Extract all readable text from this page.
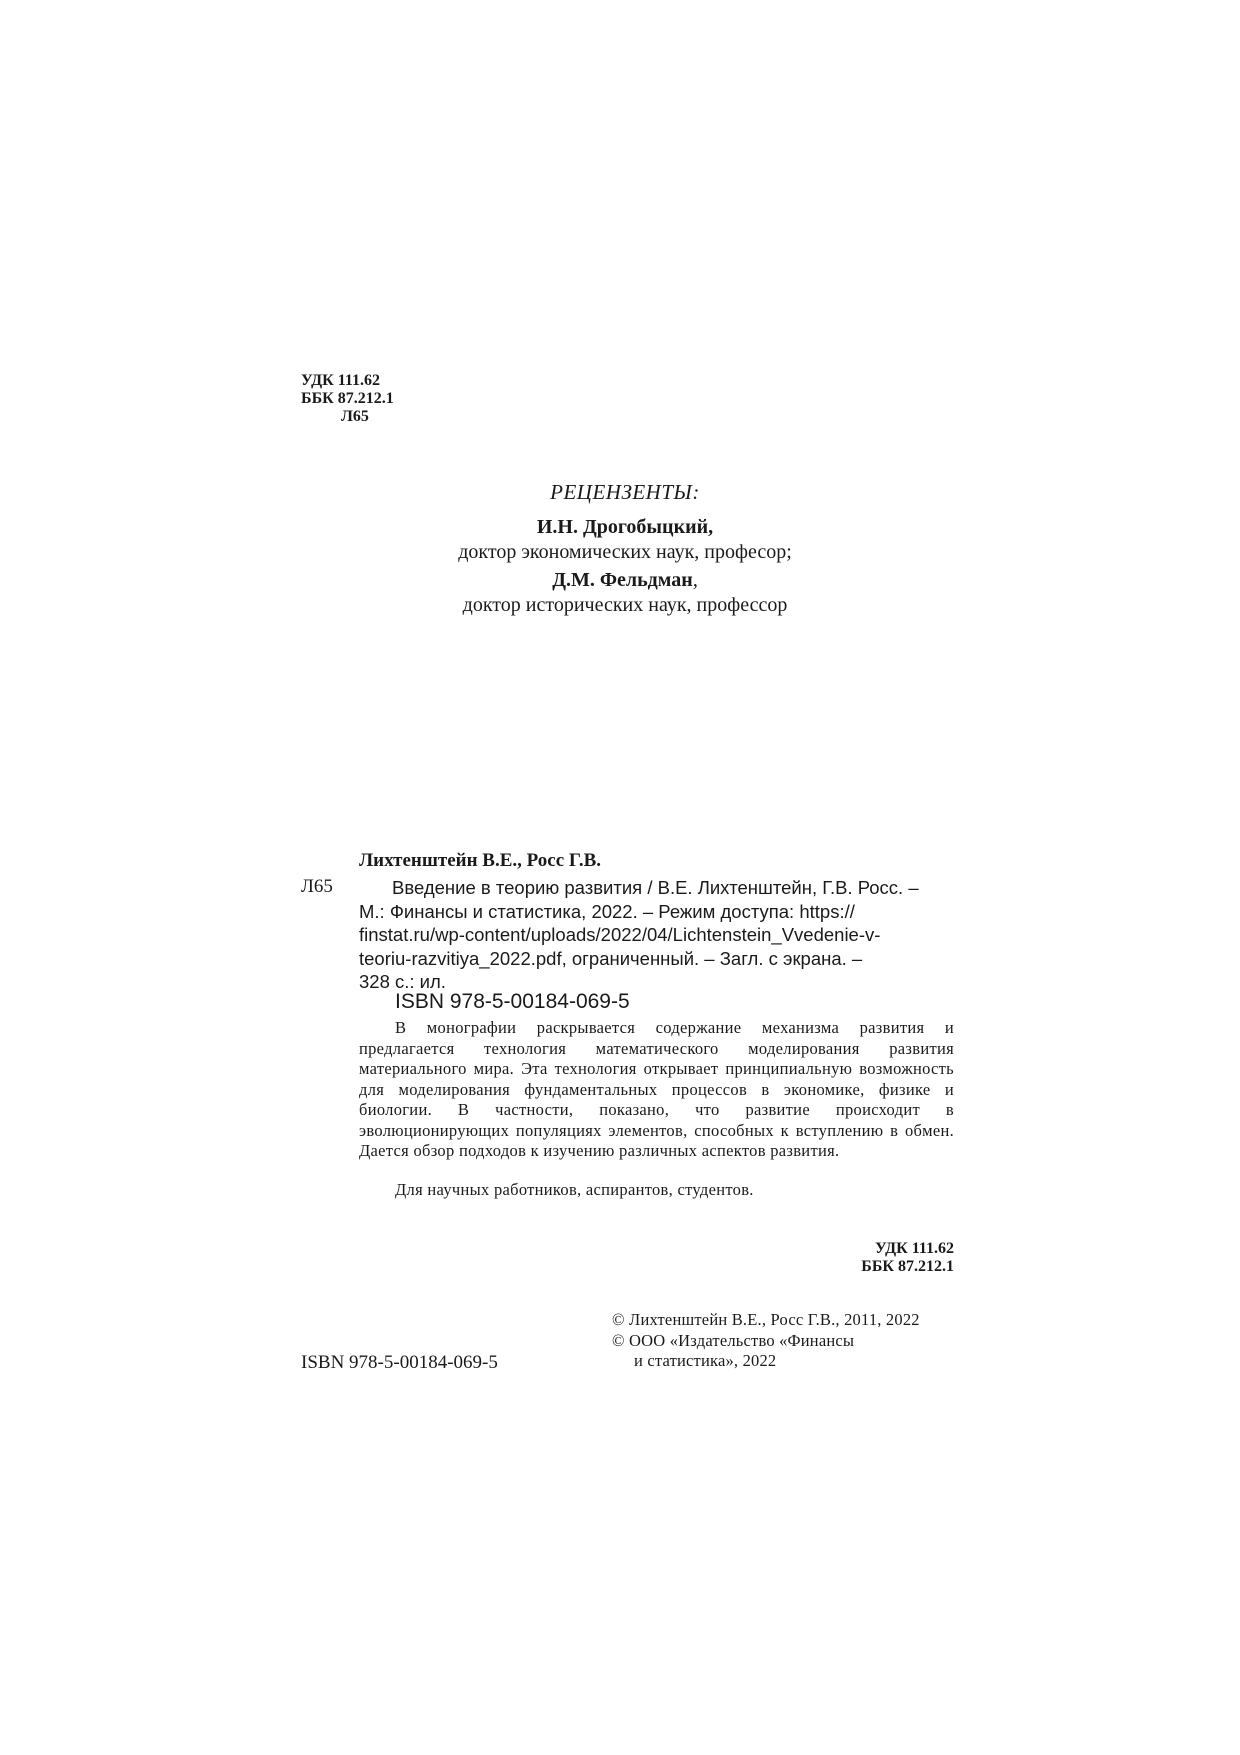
УДК 111.62
ББК 87.212.1
Л65
РЕЦЕНЗЕНТЫ:
И.Н. Дрогобыцкий,
доктор экономических наук, професор;
Д.М. Фельдман,
доктор исторических наук, профессор
Лихтенштейн В.Е., Росс Г.В.
Л65	Введение в теорию развития / В.Е. Лихтенштейн, Г.В. Росс. –
М.: Финансы и статистика, 2022. – Режим доступа: https://
finstat.ru/wp-content/uploads/2022/04/Lichtenstein_Vvedenie-v-
teoriu-razvitiya_2022.pdf, ограниченный. – Загл. с экрана. –
328 с.: ил.
ISBN 978-5-00184-069-5
В монографии раскрывается содержание механизма развития и предлагается технология математического моделирования развития материального мира. Эта технология открывает принципиальную возможность для моделирования фундаментальных процессов в экономике, физике и биологии. В частности, показано, что развитие происходит в эволюционирующих популяциях элементов, способных к вступлению в обмен. Дается обзор подходов к изучению различных аспектов развития.
Для научных работников, аспирантов, студентов.
УДК 111.62
ББК 87.212.1
© Лихтенштейн В.Е., Росс Г.В., 2011, 2022
© ООО «Издательство «Финансы
и статистика», 2022
ISBN 978-5-00184-069-5
